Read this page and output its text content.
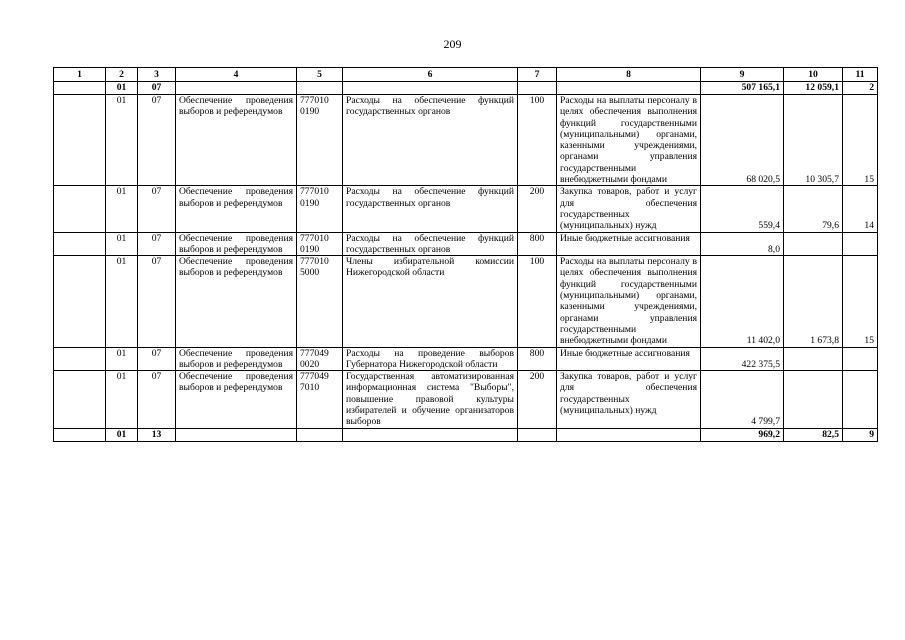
209
1	2	3	4	5	6	7	8	9	10	11
	01	07						507 165,1	12 059,1	2
	01	07	Обеспечение проведения выборов и референдумов	777010 0190	Расходы на обеспечение функций государственных органов	100	Расходы на выплаты персоналу в целях обеспечения выполнения функций государственными (муниципальными) органами, казенными учреждениями, органами управления государственными внебюджетными фондами	68 020,5	10 305,7	15
	01	07	Обеспечение проведения выборов и референдумов	777010 0190	Расходы на обеспечение функций государственных органов	200	Закупка товаров, работ и услуг для обеспечения государственных (муниципальных) нужд	559,4	79,6	14
	01	07	Обеспечение проведения выборов и референдумов	777010 0190	Расходы на обеспечение функций государственных органов	800	Иные бюджетные ассигнования	8,0		
	01	07	Обеспечение проведения выборов и референдумов	777010 5000	Члены избирательной комиссии Нижегородской области	100	Расходы на выплаты персоналу в целях обеспечения выполнения функций государственными (муниципальными) органами, казенными учреждениями, органами управления государственными внебюджетными фондами	11 402,0	1 673,8	15
	01	07	Обеспечение проведения выборов и референдумов	777049 0020	Расходы на проведение выборов Губернатора Нижегородской области	800	Иные бюджетные ассигнования	422 375,5		
	01	07	Обеспечение проведения выборов и референдумов	777049 7010	Государственная автоматизированная информационная система "Выборы", повышение правовой культуры избирателей и обучение организаторов выборов	200	Закупка товаров, работ и услуг для обеспечения государственных (муниципальных) нужд	4 799,7		
	01	13						969,2	82,5	9
